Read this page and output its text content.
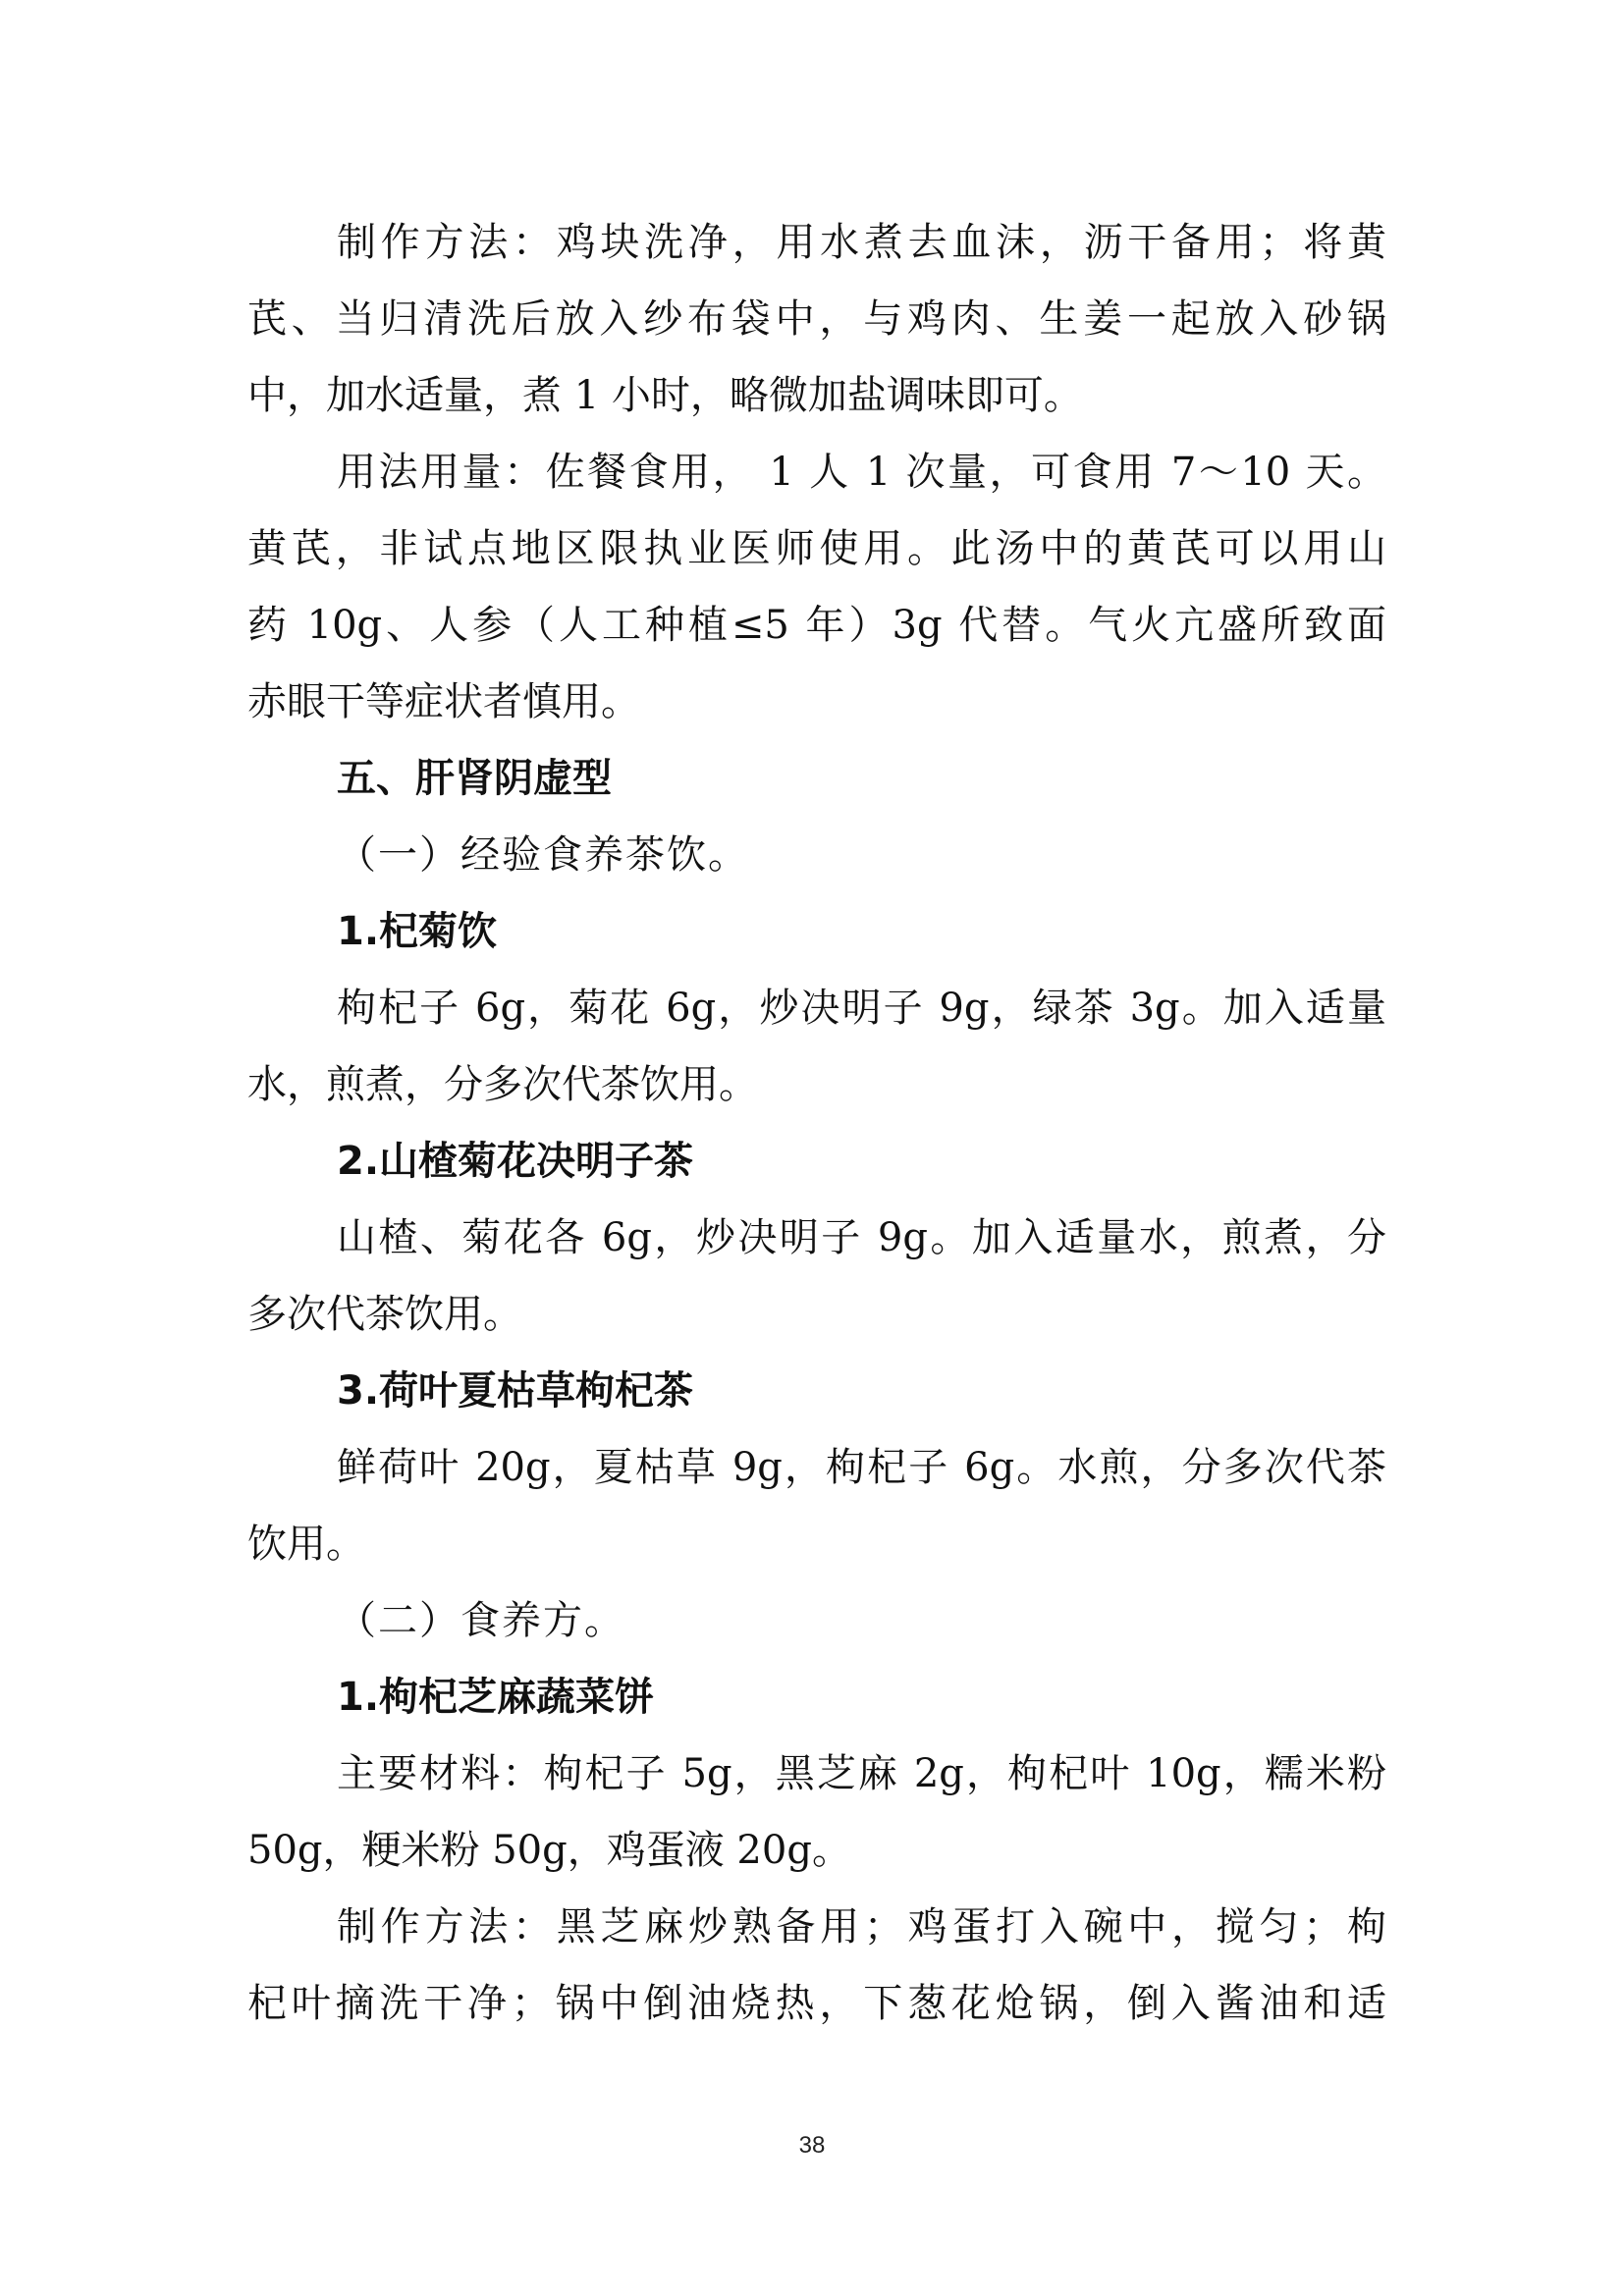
制作方法：鸡块洗净，用水煮去血沫，沥干备用；将黄
芪、当归清洗后放入纱布袋中，与鸡肉、生姜一起放入砂锅
中，加水适量，煮 1 小时，略微加盐调味即可。
用法用量：佐餐食用， 1 人 1 次量，可食用 7～10 天。
黄芪，非试点地区限执业医师使用。此汤中的黄芪可以用山
药 10g、人参（人工种植≤5 年）3g 代替。气火亢盛所致面
赤眼干等症状者慎用。
五、肝肾阴虚型
（一）经验食养茶饮。
1.杞菊饮
枸杞子 6g，菊花 6g，炒决明子 9g，绿茶 3g。加入适量
水，煎煮，分多次代茶饮用。
2.山楂菊花决明子茶
山楂、菊花各 6g，炒决明子 9g。加入适量水，煎煮，分
多次代茶饮用。
3.荷叶夏枯草枸杞茶
鲜荷叶 20g，夏枯草 9g，枸杞子 6g。水煎，分多次代茶
饮用。
（二）食养方。
1.枸杞芝麻蔬菜饼
主要材料：枸杞子 5g，黑芝麻 2g，枸杞叶 10g，糯米粉
50g，粳米粉 50g，鸡蛋液 20g。
制作方法：黑芝麻炒熟备用；鸡蛋打入碗中，搅匀；枸
杞叶摘洗干净；锅中倒油烧热，下葱花炝锅，倒入酱油和适
38
